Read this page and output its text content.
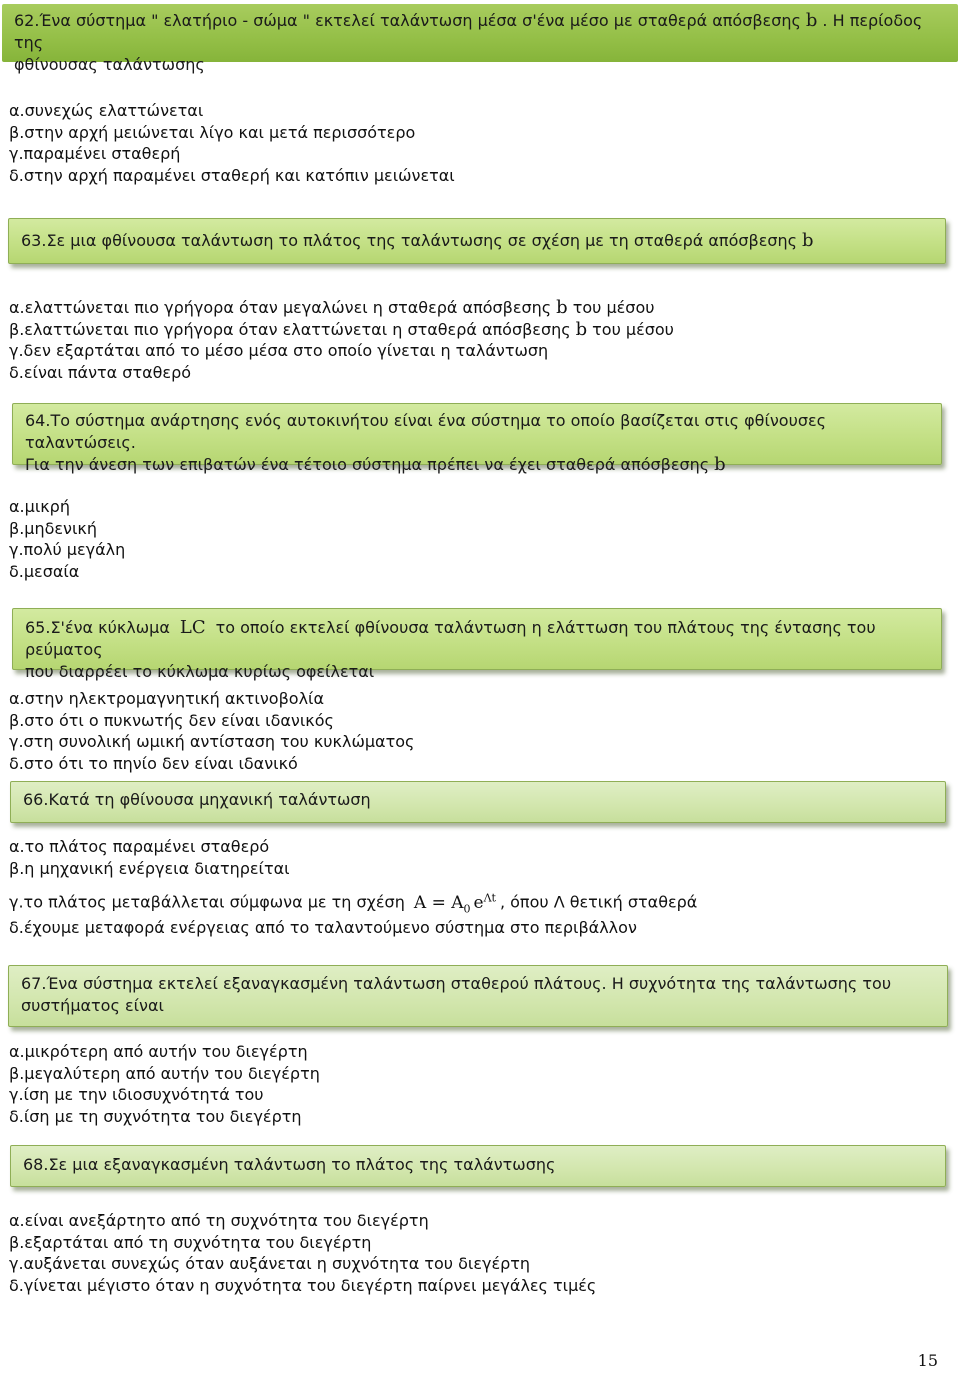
62.Ένα σύστημα " ελατήριο - σώμα " εκτελεί ταλάντωση μέσα σ'ένα μέσο με σταθερά απόσβεσης b . Η περίοδος της
φθίνουσας ταλάντωσης
α.συνεχώς ελαττώνεται
β.στην αρχή μειώνεται λίγο και μετά περισσότερο
γ.παραμένει σταθερή
δ.στην αρχή παραμένει σταθερή και κατόπιν μειώνεται
63.Σε μια φθίνουσα ταλάντωση το πλάτος της ταλάντωσης σε σχέση με τη σταθερά απόσβεσης b
α.ελαττώνεται πιο γρήγορα όταν μεγαλώνει η σταθερά απόσβεσης b του μέσου
β.ελαττώνεται πιο γρήγορα όταν ελαττώνεται η σταθερά απόσβεσης b του μέσου
γ.δεν εξαρτάται από το μέσο μέσα στο οποίο γίνεται η ταλάντωση
δ.είναι πάντα σταθερό
64.Το σύστημα ανάρτησης ενός αυτοκινήτου είναι ένα σύστημα το οποίο βασίζεται στις φθίνουσες ταλαντώσεις.
Για την άνεση των επιβατών ένα τέτοιο σύστημα πρέπει να έχει σταθερά απόσβεσης b
α.μικρή
β.μηδενική
γ.πολύ μεγάλη
δ.μεσαία
65.Σ'ένα κύκλωμα LC το οποίο εκτελεί φθίνουσα ταλάντωση η ελάττωση του πλάτους της έντασης του ρεύματος
που διαρρέει το κύκλωμα κυρίως οφείλεται
α.στην ηλεκτρομαγνητική ακτινοβολία
β.στο ότι ο πυκνωτής δεν είναι ιδανικός
γ.στη συνολική ωμική αντίσταση του κυκλώματος
δ.στο ότι το πηνίο δεν είναι ιδανικό
66.Κατά τη φθίνουσα μηχανική ταλάντωση
α.το πλάτος παραμένει σταθερό
β.η μηχανική ενέργεια διατηρείται
γ.το πλάτος μεταβάλλεται σύμφωνα με τη σχέση $A = A_0$ $e^{\Lambda t}$ , όπου Λ θετική σταθερά
δ.έχουμε μεταφορά ενέργειας από το ταλαντούμενο σύστημα στο περιβάλλον
67.Ένα σύστημα εκτελεί εξαναγκασμένη ταλάντωση σταθερού πλάτους. Η συχνότητα της ταλάντωσης του
συστήματος είναι
α.μικρότερη από αυτήν του διεγέρτη
β.μεγαλύτερη από αυτήν του διεγέρτη
γ.ίση με την ιδιοσυχνότητά του
δ.ίση με τη συχνότητα του διεγέρτη
68.Σε μια εξαναγκασμένη ταλάντωση το πλάτος της ταλάντωσης
α.είναι ανεξάρτητο από τη συχνότητα του διεγέρτη
β.εξαρτάται από τη συχνότητα του διεγέρτη
γ.αυξάνεται συνεχώς όταν αυξάνεται η συχνότητα του διεγέρτη
δ.γίνεται μέγιστο όταν η συχνότητα του διεγέρτη παίρνει μεγάλες τιμές
15
